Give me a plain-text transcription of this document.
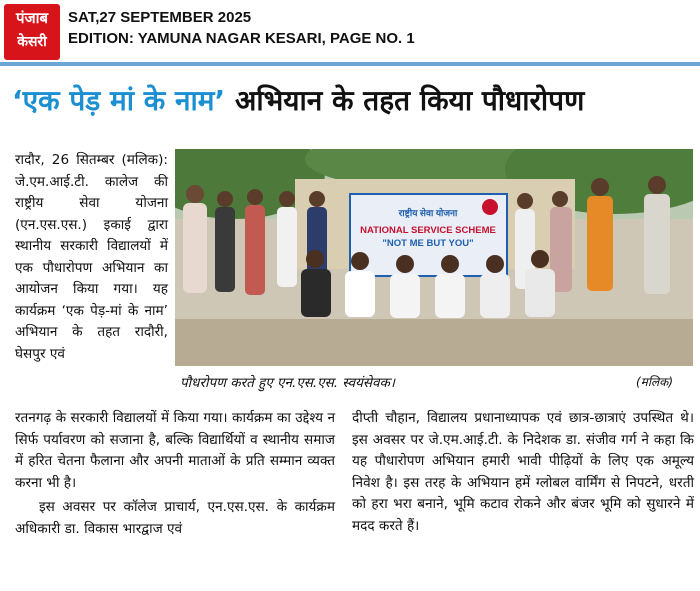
पंजाब
केसरी
SAT,27 SEPTEMBER 2025
EDITION: YAMUNA NAGAR KESARI, PAGE NO. 1
‘एक पेड़ मां के नाम’ अभियान के तहत किया पौधारोपण

रादौर, 26 सितम्बर (मलिक): जे.एम.आई.टी. कालेज की राष्ट्रीय सेवा योजना (एन.एस.एस.) इकाई द्वारा स्थानीय सरकारी विद्यालयों में एक पौधारोपण अभियान का आयोजन किया गया। यह कार्यक्रम ‘एक पेड़-मां के नाम’ अभियान के तहत रादौरी, घेसपुर एवं

राष्ट्रीय सेवा योजना
NATIONAL SERVICE SCHEME
"NOT ME BUT YOU"
पौधरोपण करते हुए एन.एस.एस. स्वयंसेवक।	(मलिक)

रतनगढ़ के सरकारी विद्यालयों में किया गया। कार्यक्रम का उद्देश्य न सिर्फ पर्यावरण को सजाना है, बल्कि विद्यार्थियों व स्थानीय समाज में हरित चेतना फैलाना और अपनी माताओं के प्रति सम्मान व्यक्त करना भी है।

इस अवसर पर कॉलेज प्राचार्य, एन.एस.एस. के कार्यक्रम अधिकारी डा. विकास भारद्वाज एवं

दीप्ती चौहान, विद्यालय प्रधानाध्यापक एवं छात्र-छात्राएं उपस्थित थे। इस अवसर पर जे.एम.आई.टी. के निदेशक डा. संजीव गर्ग ने कहा कि यह पौधारोपण अभियान हमारी भावी पीढ़ियों के लिए एक अमूल्य निवेश है। इस तरह के अभियान हमें ग्लोबल वार्मिंग से निपटने, धरती को हरा भरा बनाने, भूमि कटाव रोकने और बंजर भूमि को सुधारने में मदद करते हैं।
